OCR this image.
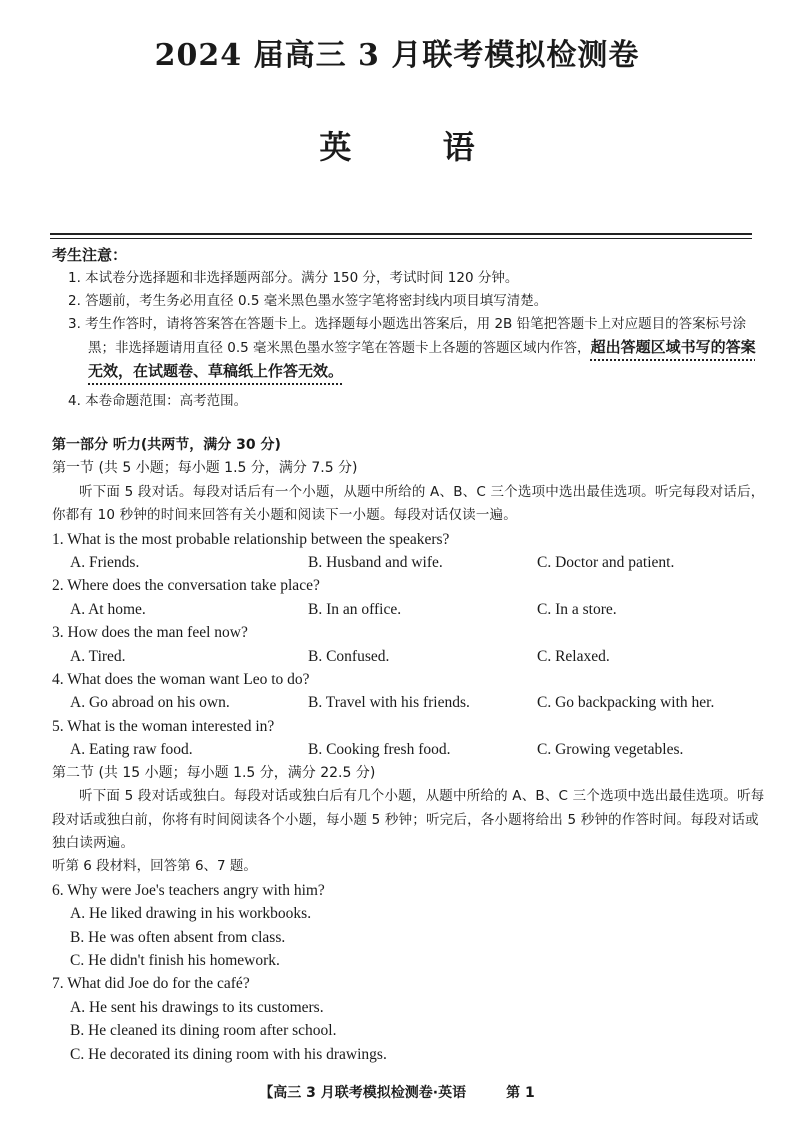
2024 届高三 3 月联考模拟检测卷
英 语
考生注意：
1. 本试卷分选择题和非选择题两部分。满分 150 分，考试时间 120 分钟。
2. 答题前，考生务必用直径 0.5 毫米黑色墨水签字笔将密封线内项目填写清楚。
3. 考生作答时，请将答案答在答题卡上。选择题每小题选出答案后，用 2B 铅笔把答题卡上对应题目的答案标号涂黑；非选择题请用直径 0.5 毫米黑色墨水签字笔在答题卡上各题的答题区域内作答，超出答题区域书写的答案无效，在试题卷、草稿纸上作答无效。
4. 本卷命题范围：高考范围。
第一部分 听力(共两节，满分 30 分)
第一节 (共 5 小题；每小题 1.5 分，满分 7.5 分)
听下面 5 段对话。每段对话后有一个小题，从题中所给的 A、B、C 三个选项中选出最佳选项。听完每段对话后，你都有 10 秒钟的时间来回答有关小题和阅读下一小题。每段对话仅读一遍。
1. What is the most probable relationship between the speakers?
A. Friends.	B. Husband and wife.	C. Doctor and patient.
2. Where does the conversation take place?
A. At home.	B. In an office.	C. In a store.
3. How does the man feel now?
A. Tired.	B. Confused.	C. Relaxed.
4. What does the woman want Leo to do?
A. Go abroad on his own.	B. Travel with his friends.	C. Go backpacking with her.
5. What is the woman interested in?
A. Eating raw food.	B. Cooking fresh food.	C. Growing vegetables.
第二节 (共 15 小题；每小题 1.5 分，满分 22.5 分)
听下面 5 段对话或独白。每段对话或独白后有几个小题，从题中所给的 A、B、C 三个选项中选出最佳选项。听每段对话或独白前，你将有时间阅读各个小题，每小题 5 秒钟；听完后，各小题将给出 5 秒钟的作答时间。每段对话或独白读两遍。
听第 6 段材料，回答第 6、7 题。
6. Why were Joe's teachers angry with him?
A. He liked drawing in his workbooks.
B. He was often absent from class.
C. He didn't finish his homework.
7. What did Joe do for the café?
A. He sent his drawings to its customers.
B. He cleaned its dining room after school.
C. He decorated its dining room with his drawings.
【高三 3 月联考模拟检测卷·英语	第 1
